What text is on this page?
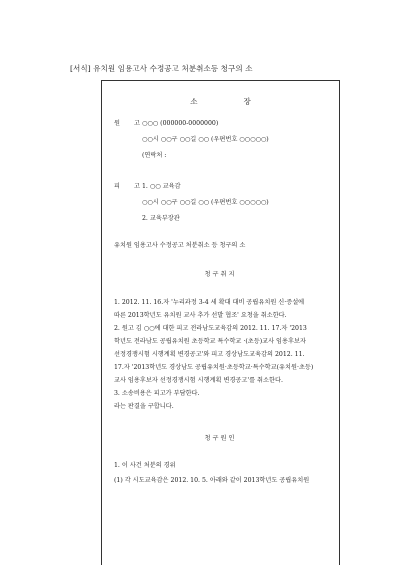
[서식] 유치원 임용고사 수정공고 처분취소등 청구의 소
소장
원 고
○○○ (000000-0000000)
○○시 ○○구 ○○길 ○○ (우편번호 ○○○○○)
(연락처 :
피 고
1. ○○ 교육감
○○시 ○○구 ○○길 ○○ (우편번호 ○○○○○)
2. 교육부장관
유치원 임용고사 수정공고 처분취소 등 청구의 소
청구취지
1. 2012. 11. 16.자 '누리과정 3-4 세 확대 대비 공립유치원 신·증설에
따른 2013학년도 유치원 교사 추가 선발 협조' 요청을 취소한다.
2. 원고 김 ○○에 대한 피고 전라남도교육감의 2012. 11. 17.자 '2013
학년도 전라남도 공립유치원 초등학교 특수학교 ·(초등)교사 임용후보자
선정경쟁시험 시행계획 변경공고'와 피고 경상남도교육감의 2012. 11.
17.자 '2013학년도 경상남도 공립유치원·초등학교·특수학교(유치원·초등)
교사 임용후보자 선정경쟁시험 시행계획 변경공고'를 취소한다.
3. 소송비용은 피고가 부담한다.
라는 판결을 구합니다.
청구원인
1. 이 사건 처분의 경위
(1) 각 시도교육감은 2012. 10. 5. 아래와 같이 2013학년도 공립유치원
